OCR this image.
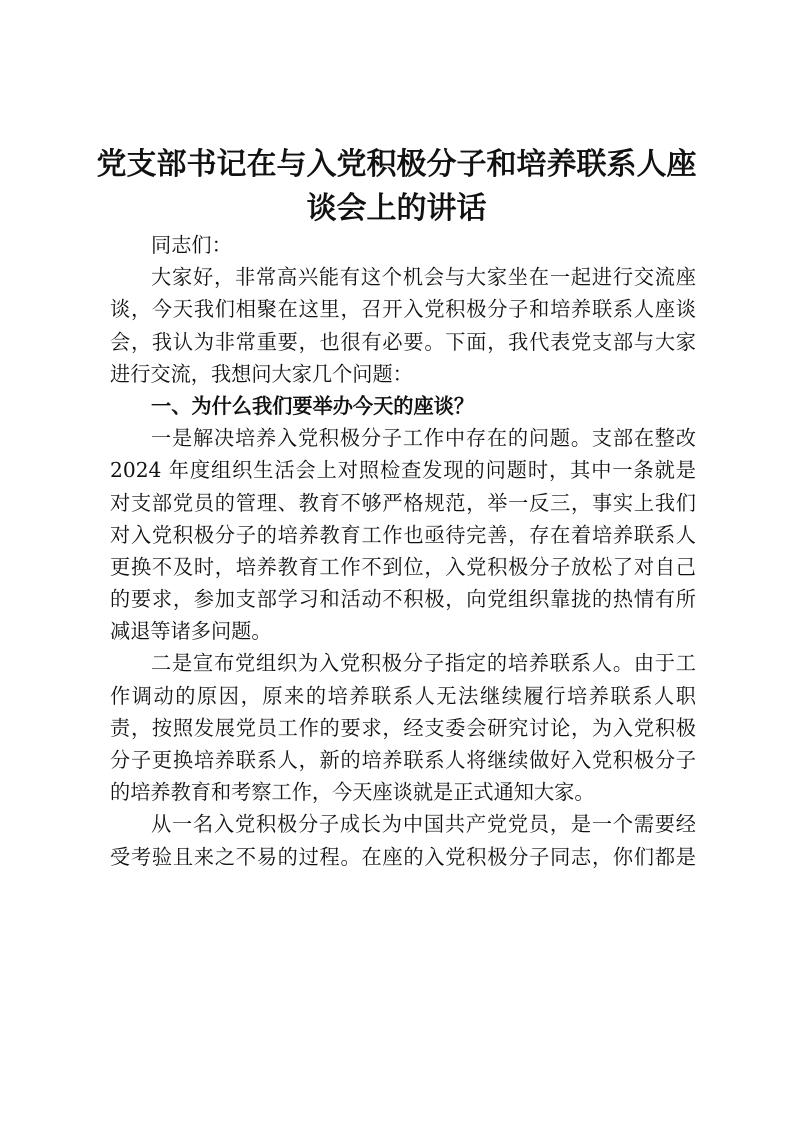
党支部书记在与入党积极分子和培养联系人座
谈会上的讲话
同志们：
大家好，非常高兴能有这个机会与大家坐在一起进行交流座
谈，今天我们相聚在这里，召开入党积极分子和培养联系人座谈
会，我认为非常重要，也很有必要。下面，我代表党支部与大家
进行交流，我想问大家几个问题：
一、为什么我们要举办今天的座谈？
一是解决培养入党积极分子工作中存在的问题。支部在整改
2024 年度组织生活会上对照检查发现的问题时，其中一条就是
对支部党员的管理、教育不够严格规范，举一反三，事实上我们
对入党积极分子的培养教育工作也亟待完善，存在着培养联系人
更换不及时，培养教育工作不到位，入党积极分子放松了对自己
的要求，参加支部学习和活动不积极，向党组织靠拢的热情有所
减退等诸多问题。
二是宣布党组织为入党积极分子指定的培养联系人。由于工
作调动的原因，原来的培养联系人无法继续履行培养联系人职
责，按照发展党员工作的要求，经支委会研究讨论，为入党积极
分子更换培养联系人，新的培养联系人将继续做好入党积极分子
的培养教育和考察工作，今天座谈就是正式通知大家。
从一名入党积极分子成长为中国共产党党员，是一个需要经
受考验且来之不易的过程。在座的入党积极分子同志，你们都是
